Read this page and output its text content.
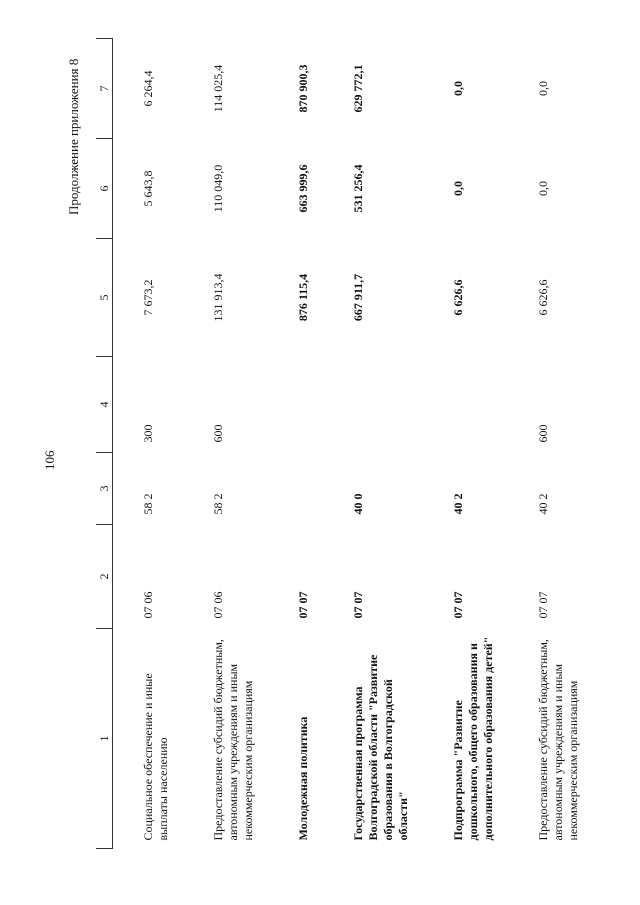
106
Продолжение приложения 8
1	2	3	4	5	6	7
Социальное обеспечение и иные выплаты населению	07 06	58 2	300	7 673,2	5 643,8	6 264,4
Предоставление субсидий бюджетным, автономным учреждениям и иным некоммерческим организациям	07 06	58 2	600	131 913,4	110 049,0	114 025,4
Молодежная политика	07 07			876 115,4	663 999,6	870 900,3
Государственная программа Волгоградской области "Развитие образования в Волгоградской области"	07 07	40 0		667 911,7	531 256,4	629 772,1
Подпрограмма "Развитие дошкольного, общего образования и дополнительного образования детей"	07 07	40 2		6 626,6	0,0	0,0
Предоставление субсидий бюджетным, автономным учреждениям и иным некоммерческим организациям	07 07	40 2	600	6 626,6	0,0	0,0
